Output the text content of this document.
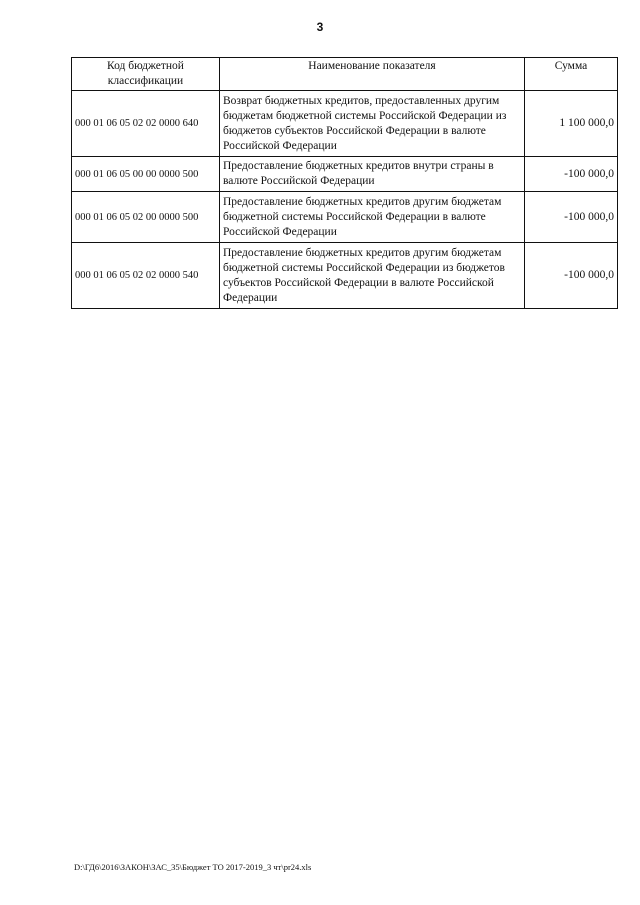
3
Код бюджетной классификации	Наименование показателя	Сумма
000 01 06 05 02 02 0000 640	Возврат бюджетных кредитов, предоставленных другим бюджетам бюджетной системы Российской Федерации из бюджетов субъектов Российской Федерации в валюте Российской Федерации	1 100 000,0
000 01 06 05 00 00 0000 500	Предоставление бюджетных кредитов внутри страны в валюте Российской Федерации	-100 000,0
000 01 06 05 02 00 0000 500	Предоставление бюджетных кредитов другим бюджетам бюджетной системы Российской Федерации в валюте Российской Федерации	-100 000,0
000 01 06 05 02 02 0000 540	Предоставление бюджетных кредитов другим бюджетам бюджетной системы Российской Федерации из бюджетов субъектов Российской Федерации в валюте Российской Федерации	-100 000,0
D:\ГД6\2016\ЗАКОН\ЗАС_35\Бюджет ТО 2017-2019_3 чт\pr24.xls
